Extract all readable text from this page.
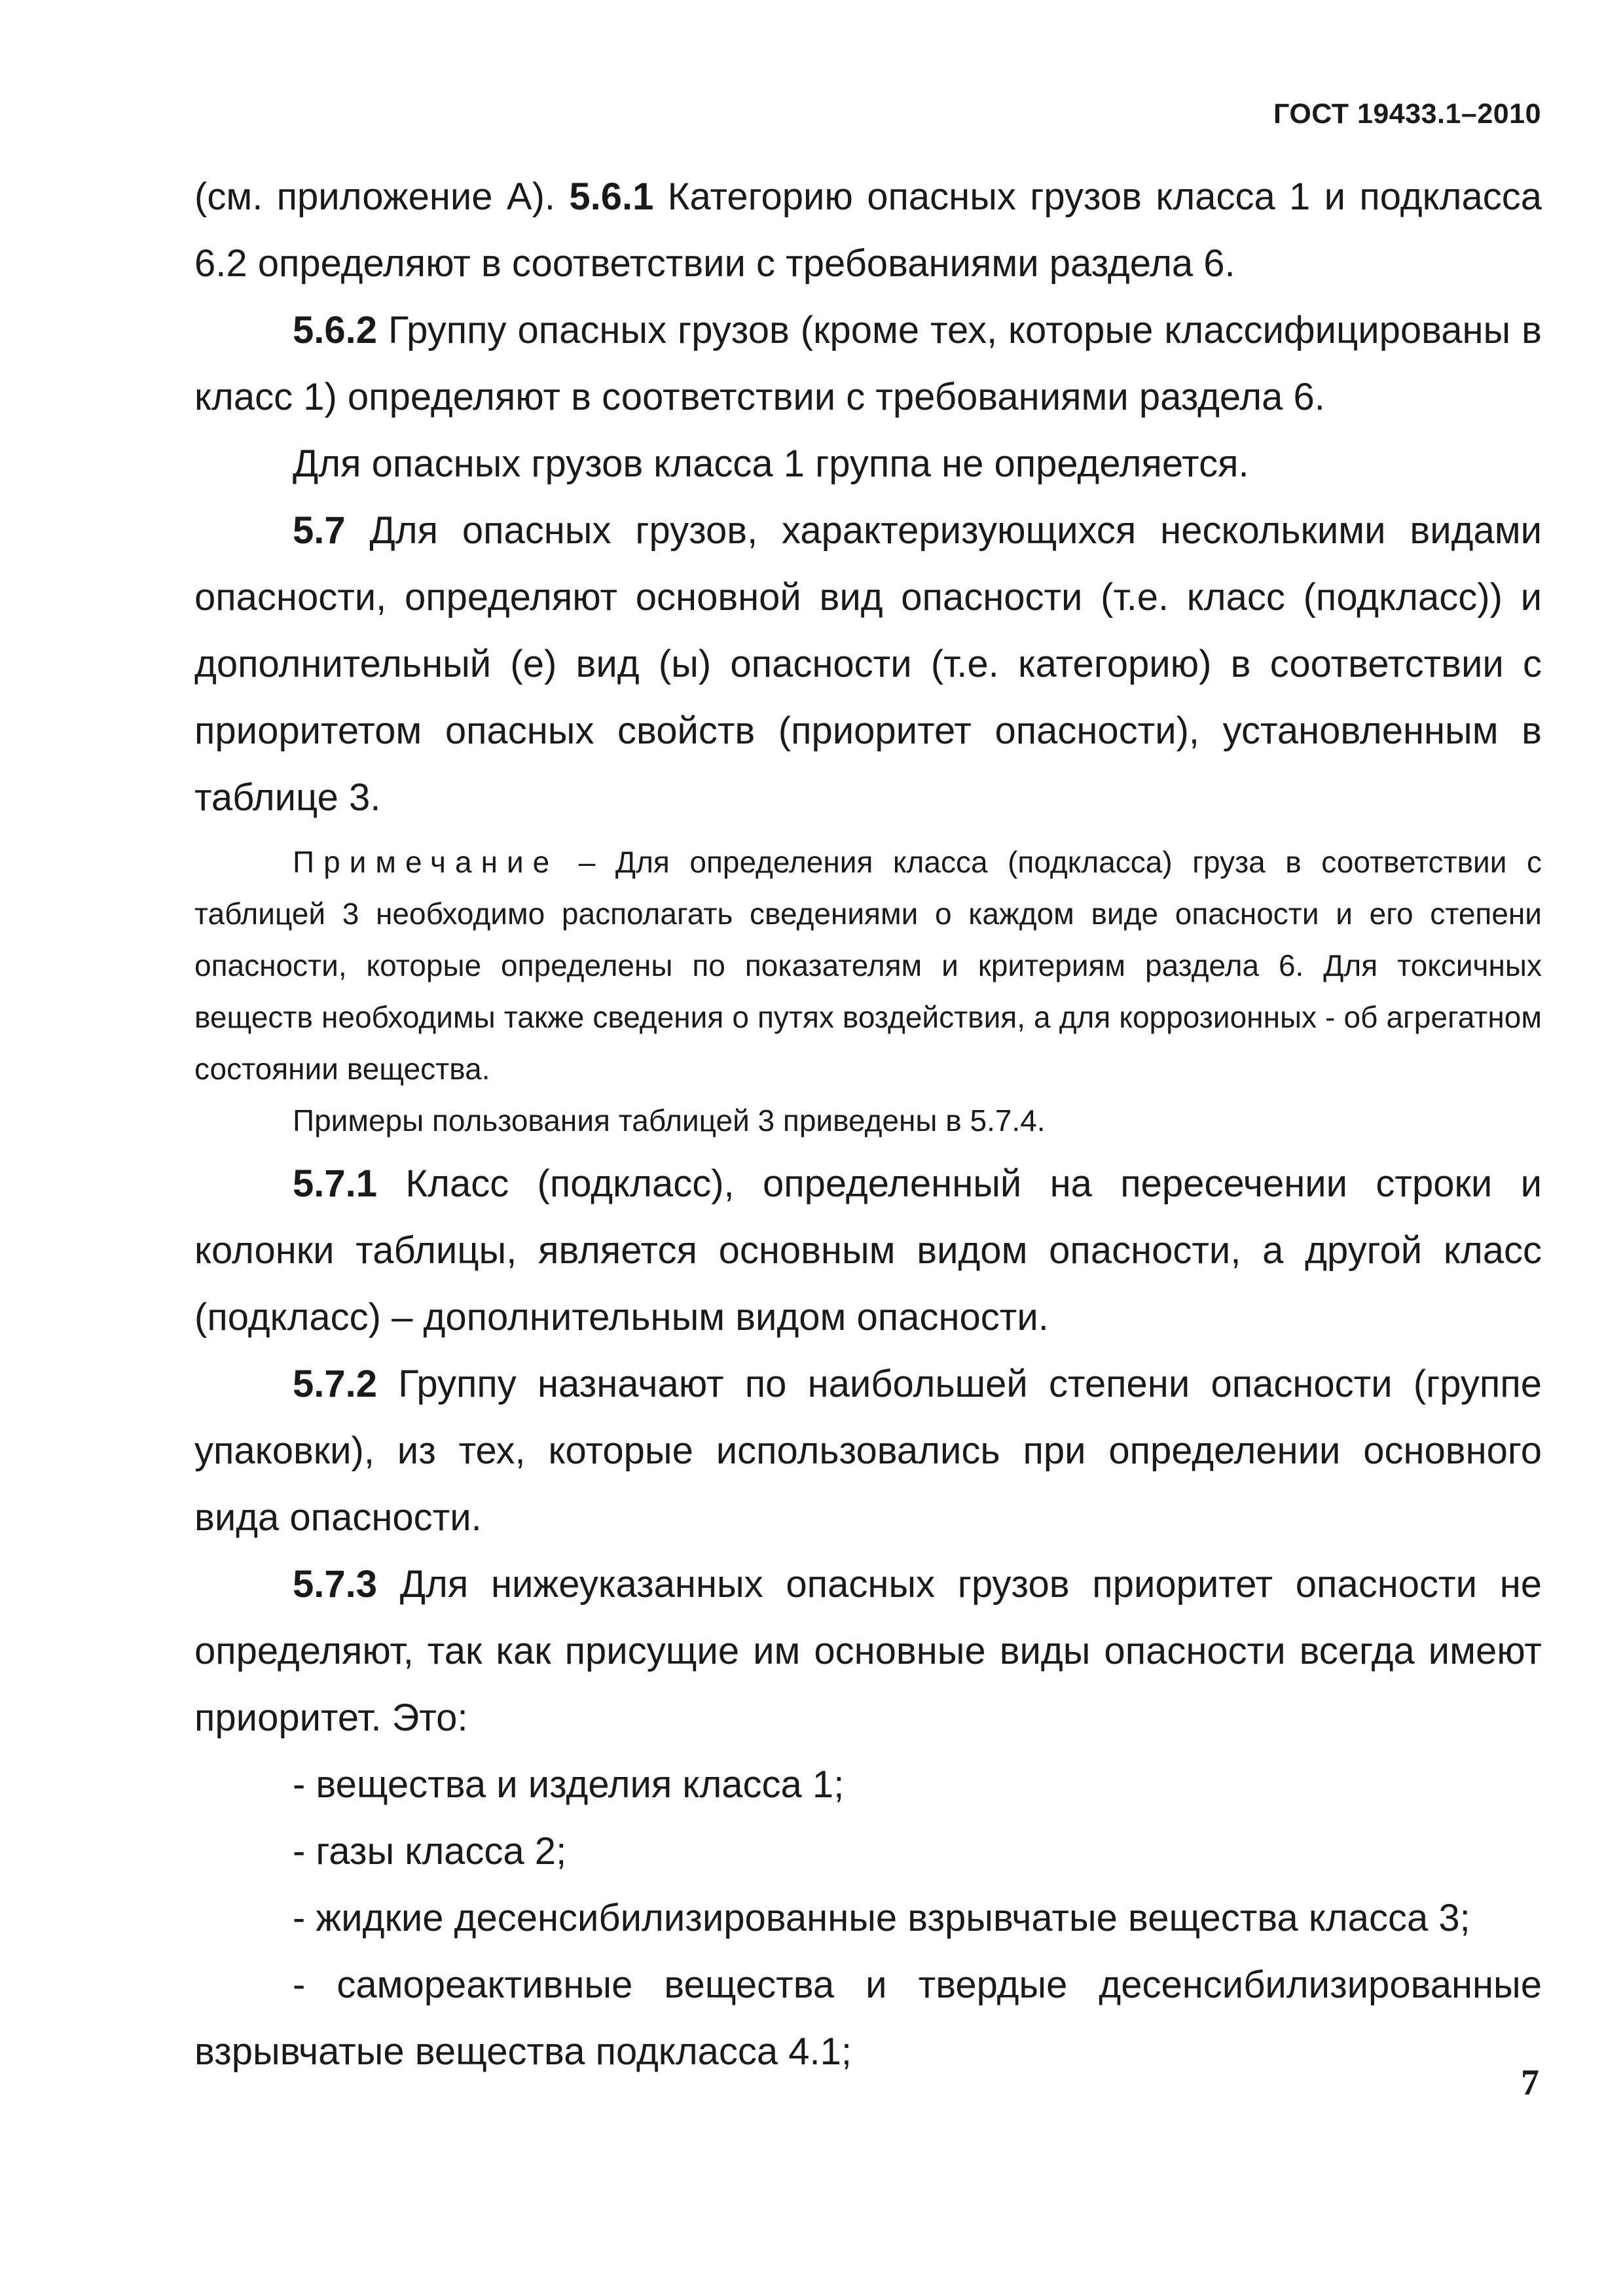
ГОСТ 19433.1–2010

(см. приложение А). 5.6.1 Категорию опасных грузов класса 1 и подкласса 6.2 определяют в соответствии с требованиями раздела 6.

5.6.2 Группу опасных грузов (кроме тех, которые классифицированы в класс 1) определяют в соответствии с требованиями раздела 6.

Для опасных грузов класса 1 группа не определяется.

5.7 Для опасных грузов, характеризующихся несколькими видами опасности, определяют основной вид опасности (т.е. класс (подкласс)) и дополнительный (е) вид (ы) опасности (т.е. категорию) в соответствии с приоритетом опасных свойств (приоритет опасности), установленным в таблице 3.

Примечание – Для определения класса (подкласса) груза в соответствии с таблицей 3 необходимо располагать сведениями о каждом виде опасности и его степени опасности, которые определены по показателям и критериям раздела 6. Для токсичных веществ необходимы также сведения о путях воздействия, а для коррозионных - об агрегатном состоянии вещества.

Примеры пользования таблицей 3 приведены в 5.7.4.

5.7.1 Класс (подкласс), определенный на пересечении строки и колонки таблицы, является основным видом опасности, а другой класс (подкласс) – дополнительным видом опасности.

5.7.2 Группу назначают по наибольшей степени опасности (группе упаковки), из тех, которые использовались при определении основного вида опасности.

5.7.3 Для нижеуказанных опасных грузов приоритет опасности не определяют, так как присущие им основные виды опасности всегда имеют приоритет. Это:

- вещества и изделия класса 1;

- газы класса 2;

- жидкие десенсибилизированные взрывчатые вещества класса 3;

- самореактивные вещества и твердые десенсибилизированные взрывчатые вещества подкласса 4.1;

7
